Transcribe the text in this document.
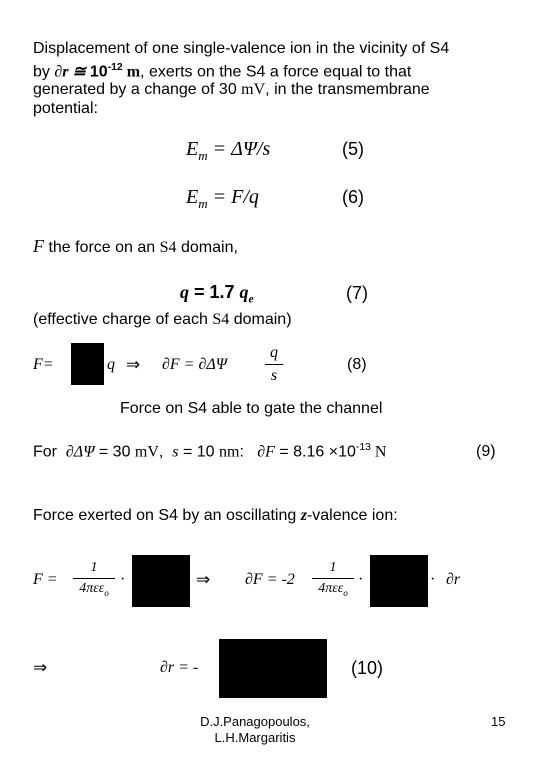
Displacement of one single-valence ion in the vicinity of S4
by ∂r ≅ $10^{-12}$ m, exerts on the S4 a force equal to that
generated by a change of 30 mV, in the transmembrane
potential:
$E_m = \Delta\Psi/s$	(5)
$E_m = F/q$	(6)
F the force on an S4 domain,
q = 1.7 $q_e$	(7)
(effective charge of each S4 domain)
F=	q ⇒ ∂F = ∂ΔΨ
q
s
(8)
Force on S4 able to gate the channel
For ∂ΔΨ = 30 mV,  s = 10 nm:   $\partial F = 8.16 \times 10^{-13}$ N	(9)
Force exerted on S4 by an oscillating z-valence ion:
F =
1
4πεε$_o$
·	⇒ ∂F = -2
1
4πεε$_o$
·	· ∂r
⇒	∂r = -	(10)
D.J.Panagopoulos,
L.H.Margaritis
15
